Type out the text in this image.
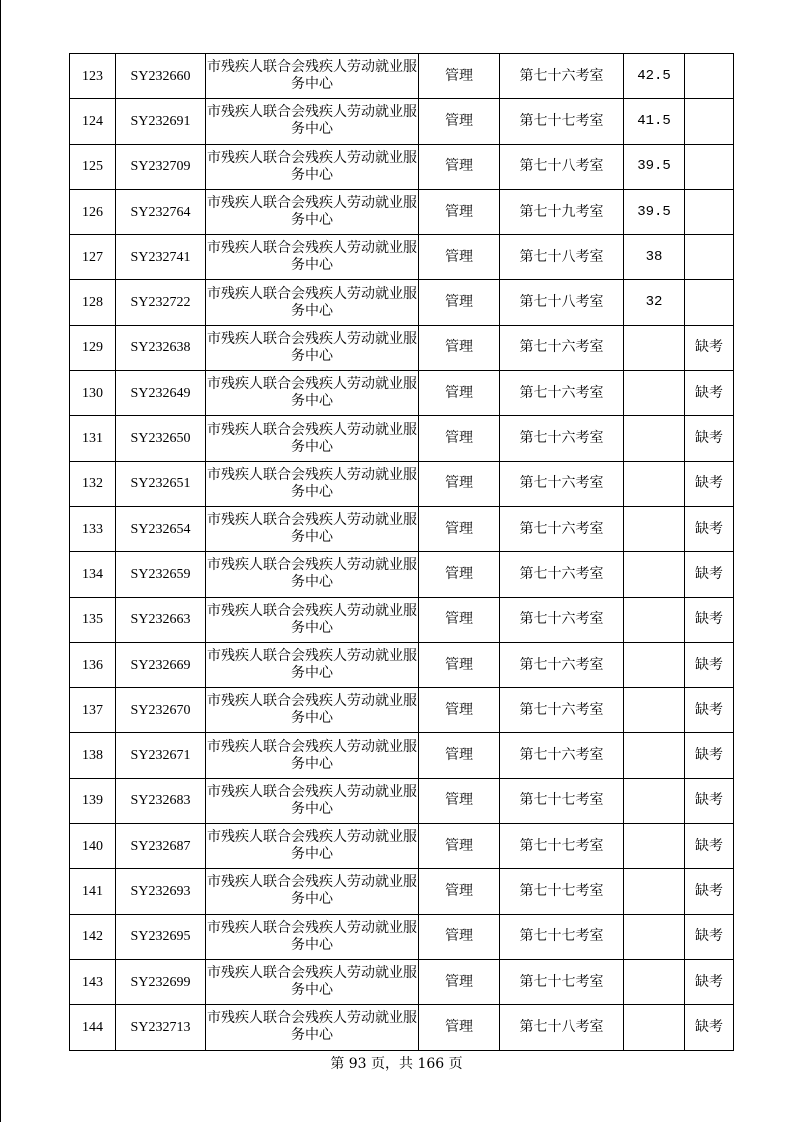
123	SY232660	市残疾人联合会残疾人劳动就业服务中心	管理	第七十六考室	42.5	
124	SY232691	市残疾人联合会残疾人劳动就业服务中心	管理	第七十七考室	41.5	
125	SY232709	市残疾人联合会残疾人劳动就业服务中心	管理	第七十八考室	39.5	
126	SY232764	市残疾人联合会残疾人劳动就业服务中心	管理	第七十九考室	39.5	
127	SY232741	市残疾人联合会残疾人劳动就业服务中心	管理	第七十八考室	38	
128	SY232722	市残疾人联合会残疾人劳动就业服务中心	管理	第七十八考室	32	
129	SY232638	市残疾人联合会残疾人劳动就业服务中心	管理	第七十六考室		缺考
130	SY232649	市残疾人联合会残疾人劳动就业服务中心	管理	第七十六考室		缺考
131	SY232650	市残疾人联合会残疾人劳动就业服务中心	管理	第七十六考室		缺考
132	SY232651	市残疾人联合会残疾人劳动就业服务中心	管理	第七十六考室		缺考
133	SY232654	市残疾人联合会残疾人劳动就业服务中心	管理	第七十六考室		缺考
134	SY232659	市残疾人联合会残疾人劳动就业服务中心	管理	第七十六考室		缺考
135	SY232663	市残疾人联合会残疾人劳动就业服务中心	管理	第七十六考室		缺考
136	SY232669	市残疾人联合会残疾人劳动就业服务中心	管理	第七十六考室		缺考
137	SY232670	市残疾人联合会残疾人劳动就业服务中心	管理	第七十六考室		缺考
138	SY232671	市残疾人联合会残疾人劳动就业服务中心	管理	第七十六考室		缺考
139	SY232683	市残疾人联合会残疾人劳动就业服务中心	管理	第七十七考室		缺考
140	SY232687	市残疾人联合会残疾人劳动就业服务中心	管理	第七十七考室		缺考
141	SY232693	市残疾人联合会残疾人劳动就业服务中心	管理	第七十七考室		缺考
142	SY232695	市残疾人联合会残疾人劳动就业服务中心	管理	第七十七考室		缺考
143	SY232699	市残疾人联合会残疾人劳动就业服务中心	管理	第七十七考室		缺考
144	SY232713	市残疾人联合会残疾人劳动就业服务中心	管理	第七十八考室		缺考
第 93 页，共 166 页
